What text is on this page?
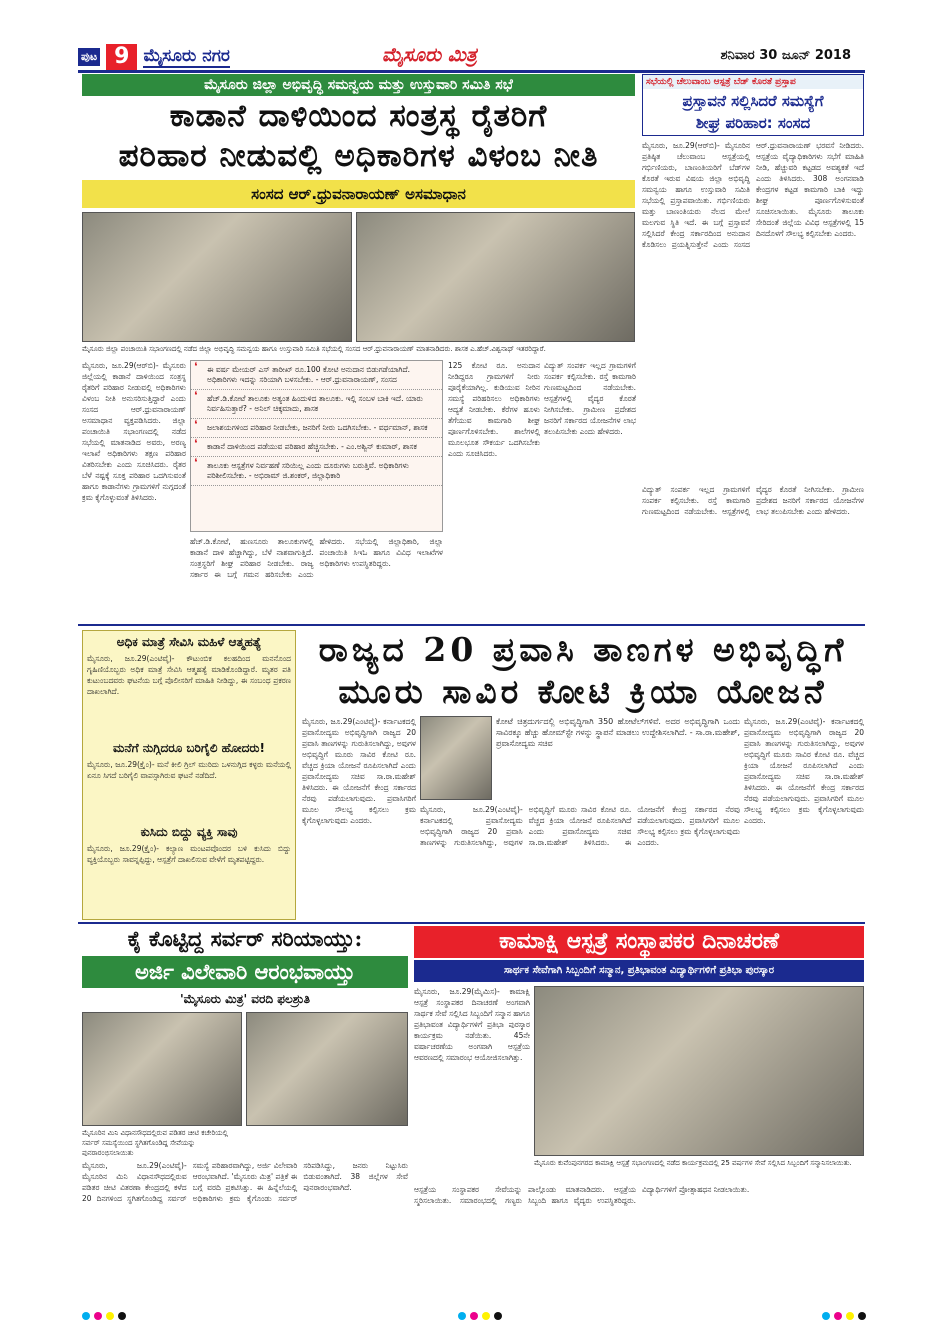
ಪುಟ 9 ಮೈಸೂರು ನಗರ	ಮೈಸೂರು ಮಿತ್ರ	ಶನಿವಾರ 30 ಜೂನ್ 2018
ಮೈಸೂರು ಜಿಲ್ಲಾ ಅಭಿವೃದ್ಧಿ ಸಮನ್ವಯ ಮತ್ತು ಉಸ್ತುವಾರಿ ಸಮಿತಿ ಸಭೆ
ಕಾಡಾನೆ ದಾಳಿಯಿಂದ ಸಂತ್ರಸ್ಥ ರೈತರಿಗೆ
ಪರಿಹಾರ ನೀಡುವಲ್ಲಿ ಅಧಿಕಾರಿಗಳ ವಿಳಂಬ ನೀತಿ
ಸಂಸದ ಆರ್.ಧ್ರುವನಾರಾಯಣ್ ಅಸಮಾಧಾನ
ಮೈಸೂರು ಜಿಲ್ಲಾ ಪಂಚಾಯಿತಿ ಸಭಾಂಗಣದಲ್ಲಿ ನಡೆದ ಜಿಲ್ಲಾ ಅಭಿವೃದ್ಧಿ ಸಮನ್ವಯ ಹಾಗೂ ಉಸ್ತುವಾರಿ ಸಮಿತಿ ಸಭೆಯಲ್ಲಿ ಸಂಸದ ಆರ್.ಧ್ರುವನಾರಾಯಣ್ ಮಾತನಾಡಿದರು. ಶಾಸಕ ಎ.ಹೆಚ್.ವಿಶ್ವನಾಥ್ ಇತರರಿದ್ದಾರೆ.
ಮೈಸೂರು, ಜೂ.29(ಆರ್‌ಬಿ)- ಮೈಸೂರು ಜಿಲ್ಲೆಯಲ್ಲಿ ಕಾಡಾನೆ ದಾಳಿಯಿಂದ ಸಂತ್ರಸ್ಥ ರೈತರಿಗೆ ಪರಿಹಾರ ನೀಡುವಲ್ಲಿ ಅಧಿಕಾರಿಗಳು ವಿಳಂಬ ನೀತಿ ಅನುಸರಿಸುತ್ತಿದ್ದಾರೆ ಎಂದು ಸಂಸದ ಆರ್.ಧ್ರುವನಾರಾಯಣ್ ಅಸಮಾಧಾನ ವ್ಯಕ್ತಪಡಿಸಿದರು. ಜಿಲ್ಲಾ ಪಂಚಾಯಿತಿ ಸಭಾಂಗಣದಲ್ಲಿ ನಡೆದ ಸಭೆಯಲ್ಲಿ ಮಾತನಾಡಿದ ಅವರು, ಅರಣ್ಯ ಇಲಾಖೆ ಅಧಿಕಾರಿಗಳು ತಕ್ಷಣ ಪರಿಹಾರ ವಿತರಿಸಬೇಕು ಎಂದು ಸೂಚಿಸಿದರು. ರೈತರ ಬೆಳೆ ನಷ್ಟಕ್ಕೆ ಸೂಕ್ತ ಪರಿಹಾರ ಒದಗಿಸುವಂತೆ ಹಾಗೂ ಕಾಡಾನೆಗಳು ಗ್ರಾಮಗಳಿಗೆ ನುಗ್ಗದಂತೆ ಕ್ರಮ ಕೈಗೊಳ್ಳುವಂತೆ ತಿಳಿಸಿದರು.
❛ ಈ ವರ್ಷ ಮೇಯರ್ ಎಸ್ ತಾರೀಖ್ ರೂ.100 ಕೋಟಿ ಅನುದಾನ ಬಿಡುಗಡೆಯಾಗಿದೆ. ಅಧಿಕಾರಿಗಳು ಇದನ್ನು ಸರಿಯಾಗಿ ಬಳಸಬೇಕು. - ಆರ್.ಧ್ರುವನಾರಾಯಣ್, ಸಂಸದ
❛ ಹೆಚ್.ಡಿ.ಕೋಟೆ ತಾಲೂಕು ಅತ್ಯಂತ ಹಿಂದುಳಿದ ತಾಲೂಕು. ಇಲ್ಲಿ ಸಂಬಳ ಬಾಕಿ ಇದೆ. ಯಾರು ನಿರ್ವಹಿಸುತ್ತಾರೆ? - ಅನಿಲ್ ಚಿಕ್ಕಮಾದು, ಶಾಸಕ
❛ ಜಲಾಶಯಗಳಿಂದ ಪರಿಹಾರ ನೀಡಬೇಕು, ಜನರಿಗೆ ನೀರು ಒದಗಿಸಬೇಕು. - ವರ್ಧಮಾನ್, ಶಾಸಕ
❛ ಕಾಡಾನೆ ದಾಳಿಯಿಂದ ಪಡೆಯುವ ಪರಿಹಾರ ಹೆಚ್ಚಿಸಬೇಕು. - ಎಂ.ಅಶ್ವಿನ್ ಕುಮಾರ್, ಶಾಸಕ
❛ ತಾಲೂಕು ಆಸ್ಪತ್ರೆಗಳ ನಿರ್ವಹಣೆ ಸರಿಯಿಲ್ಲ ಎಂದು ದೂರುಗಳು ಬರುತ್ತಿವೆ. ಅಧಿಕಾರಿಗಳು ಪರಿಶೀಲಿಸಬೇಕು. - ಅಭಿರಾಮ್ ಜಿ.ಶಂಕರ್, ಜಿಲ್ಲಾಧಿಕಾರಿ
ಹೆಚ್.ಡಿ.ಕೋಟೆ, ಹುಣಸೂರು ತಾಲೂಕುಗಳಲ್ಲಿ ಕಾಡಾನೆ ದಾಳಿ ಹೆಚ್ಚಾಗಿದ್ದು, ಬೆಳೆ ನಾಶವಾಗುತ್ತಿದೆ. ಸಂತ್ರಸ್ಥರಿಗೆ ಶೀಘ್ರ ಪರಿಹಾರ ನೀಡಬೇಕು. ರಾಜ್ಯ ಸರ್ಕಾರ ಈ ಬಗ್ಗೆ ಗಮನ ಹರಿಸಬೇಕು ಎಂದು ಹೇಳಿದರು. ಸಭೆಯಲ್ಲಿ ಜಿಲ್ಲಾಧಿಕಾರಿ, ಜಿಲ್ಲಾ ಪಂಚಾಯಿತಿ ಸಿಇಓ ಹಾಗೂ ವಿವಿಧ ಇಲಾಖೆಗಳ ಅಧಿಕಾರಿಗಳು ಉಪಸ್ಥಿತರಿದ್ದರು.
125 ಕೋಟಿ ರೂ. ಅನುದಾನ ನೀಡಿದ್ದರೂ ಗ್ರಾಮಗಳಿಗೆ ನೀರು ಪೂರೈಕೆಯಾಗಿಲ್ಲ. ಕುಡಿಯುವ ನೀರಿನ ಸಮಸ್ಯೆ ಪರಿಹರಿಸಲು ಅಧಿಕಾರಿಗಳು ಆದ್ಯತೆ ನೀಡಬೇಕು. ಕೆರೆಗಳ ಹೂಳು ತೆಗೆಯುವ ಕಾಮಗಾರಿ ಶೀಘ್ರ ಪೂರ್ಣಗೊಳಿಸಬೇಕು. ಶಾಲೆಗಳಲ್ಲಿ ಮೂಲಭೂತ ಸೌಕರ್ಯ ಒದಗಿಸಬೇಕು ಎಂದು ಸೂಚಿಸಿದರು.
ವಿದ್ಯುತ್ ಸಂಪರ್ಕ ಇಲ್ಲದ ಗ್ರಾಮಗಳಿಗೆ ಸಂಪರ್ಕ ಕಲ್ಪಿಸಬೇಕು. ರಸ್ತೆ ಕಾಮಗಾರಿ ಗುಣಮಟ್ಟದಿಂದ ನಡೆಯಬೇಕು. ಆಸ್ಪತ್ರೆಗಳಲ್ಲಿ ವೈದ್ಯರ ಕೊರತೆ ನೀಗಿಸಬೇಕು. ಗ್ರಾಮೀಣ ಪ್ರದೇಶದ ಜನರಿಗೆ ಸರ್ಕಾರದ ಯೋಜನೆಗಳ ಲಾಭ ತಲುಪಿಸಬೇಕು ಎಂದು ಹೇಳಿದರು.
ಸಭೆಯಲ್ಲಿ ಚೆಲುವಾಂಬ ಆಸ್ಪತ್ರೆ ಬೆಡ್ ಕೊರತೆ ಪ್ರಸ್ತಾಪ
ಪ್ರಸ್ತಾವನೆ ಸಲ್ಲಿಸಿದರೆ ಸಮಸ್ಯೆಗೆ
ಶೀಘ್ರ ಪರಿಹಾರ: ಸಂಸದ
ಮೈಸೂರು, ಜೂ.29(ಆರ್‌ಬಿ)- ಮೈಸೂರಿನ ಪ್ರತಿಷ್ಠಿತ ಚೆಲುವಾಂಬ ಆಸ್ಪತ್ರೆಯಲ್ಲಿ ಗರ್ಭಿಣಿಯರು, ಬಾಣಂತಿಯರಿಗೆ ಬೆಡ್‌ಗಳ ಕೊರತೆ ಇರುವ ವಿಷಯ ಜಿಲ್ಲಾ ಅಭಿವೃದ್ಧಿ ಸಮನ್ವಯ ಹಾಗೂ ಉಸ್ತುವಾರಿ ಸಮಿತಿ ಸಭೆಯಲ್ಲಿ ಪ್ರಸ್ತಾಪವಾಯಿತು. ಗರ್ಭಿಣಿಯರು ಮತ್ತು ಬಾಣಂತಿಯರು ನೆಲದ ಮೇಲೆ ಮಲಗುವ ಸ್ಥಿತಿ ಇದೆ. ಈ ಬಗ್ಗೆ ಪ್ರಸ್ತಾವನೆ ಸಲ್ಲಿಸಿದರೆ ಕೇಂದ್ರ ಸರ್ಕಾರದಿಂದ ಅನುದಾನ ಕೊಡಿಸಲು ಪ್ರಯತ್ನಿಸುತ್ತೇನೆ ಎಂದು ಸಂಸದ ಆರ್.ಧ್ರುವನಾರಾಯಣ್ ಭರವಸೆ ನೀಡಿದರು. ಆಸ್ಪತ್ರೆಯ ವೈದ್ಯಾಧಿಕಾರಿಗಳು ಸಭೆಗೆ ಮಾಹಿತಿ ನೀಡಿ, ಹೆಚ್ಚುವರಿ ಕಟ್ಟಡದ ಅವಶ್ಯಕತೆ ಇದೆ ಎಂದು ತಿಳಿಸಿದರು. 308 ಅಂಗನವಾಡಿ ಕೇಂದ್ರಗಳ ಕಟ್ಟಡ ಕಾಮಗಾರಿ ಬಾಕಿ ಇದ್ದು ಶೀಘ್ರ ಪೂರ್ಣಗೊಳಿಸುವಂತೆ ಸೂಚಿಸಲಾಯಿತು. ಮೈಸೂರು ತಾಲೂಕು ಸೇರಿದಂತೆ ಜಿಲ್ಲೆಯ ವಿವಿಧ ಆಸ್ಪತ್ರೆಗಳಲ್ಲಿ 15 ದಿನದೊಳಗೆ ಸೌಲಭ್ಯ ಕಲ್ಪಿಸಬೇಕು ಎಂದರು.
ವಿದ್ಯುತ್ ಸಂಪರ್ಕ ಇಲ್ಲದ ಗ್ರಾಮಗಳಿಗೆ ಸಂಪರ್ಕ ಕಲ್ಪಿಸಬೇಕು. ರಸ್ತೆ ಕಾಮಗಾರಿ ಗುಣಮಟ್ಟದಿಂದ ನಡೆಯಬೇಕು. ಆಸ್ಪತ್ರೆಗಳಲ್ಲಿ ವೈದ್ಯರ ಕೊರತೆ ನೀಗಿಸಬೇಕು. ಗ್ರಾಮೀಣ ಪ್ರದೇಶದ ಜನರಿಗೆ ಸರ್ಕಾರದ ಯೋಜನೆಗಳ ಲಾಭ ತಲುಪಿಸಬೇಕು ಎಂದು ಹೇಳಿದರು.
ಅಧಿಕ ಮಾತ್ರೆ ಸೇವಿಸಿ ಮಹಿಳೆ ಆತ್ಮಹತ್ಯೆ
ಮೈಸೂರು, ಜೂ.29(ಎಂಟಿವೈ)- ಕೌಟುಂಬಿಕ ಕಲಹದಿಂದ ಮನನೊಂದ ಗೃಹಿಣಿಯೊಬ್ಬರು ಅಧಿಕ ಮಾತ್ರೆ ಸೇವಿಸಿ ಆತ್ಮಹತ್ಯೆ ಮಾಡಿಕೊಂಡಿದ್ದಾರೆ. ಮೃತರ ಪತಿ ಕುಟುಂಬದವರು ಘಟನೆಯ ಬಗ್ಗೆ ಪೊಲೀಸರಿಗೆ ಮಾಹಿತಿ ನೀಡಿದ್ದು, ಈ ಸಂಬಂಧ ಪ್ರಕರಣ ದಾಖಲಾಗಿದೆ.
ಮನೆಗೆ ನುಗ್ಗಿದರೂ ಬರಿಗೈಲಿ ಹೋದರು!
ಮೈಸೂರು, ಜೂ.29(ಕ್ರೈಂ)- ಮನೆ ಕೀಲಿ ಗ್ರಿಲ್ ಮುರಿದು ಒಳನುಗ್ಗಿದ ಕಳ್ಳರು ಮನೆಯಲ್ಲಿ ಏನೂ ಸಿಗದೆ ಬರಿಗೈಲಿ ವಾಪಸ್ಸಾಗಿರುವ ಘಟನೆ ನಡೆದಿದೆ.
ಕುಸಿದು ಬಿದ್ದು ವ್ಯಕ್ತಿ ಸಾವು
ಮೈಸೂರು, ಜೂ.29(ಕ್ರೈಂ)- ಕಲ್ಯಾಣ ಮಂಟಪವೊಂದರ ಬಳಿ ಕುಸಿದು ಬಿದ್ದು ವ್ಯಕ್ತಿಯೊಬ್ಬರು ಸಾವನ್ನಪ್ಪಿದ್ದು, ಆಸ್ಪತ್ರೆಗೆ ದಾಖಲಿಸುವ ವೇಳೆಗೆ ಮೃತಪಟ್ಟಿದ್ದರು.
ರಾಜ್ಯದ 20 ಪ್ರವಾಸಿ ತಾಣಗಳ ಅಭಿವೃದ್ಧಿಗೆ
ಮೂರು ಸಾವಿರ ಕೋಟಿ ಕ್ರಿಯಾ ಯೋಜನೆ
ಕೋಟೆ ಚಿತ್ರದುರ್ಗದಲ್ಲಿ ಅಭಿವೃದ್ಧಿಗಾಗಿ 350 ಹೋಟೆಲ್‌ಗಳಿವೆ. ಅದರ ಅಭಿವೃದ್ಧಿಗಾಗಿ ಒಂದು ಸಾವಿರಕ್ಕೂ ಹೆಚ್ಚು ಹೋಮ್‌ಸ್ಟೇ ಗಳನ್ನು ಸ್ಥಾಪನೆ ಮಾಡಲು ಉದ್ದೇಶಿಸಲಾಗಿದೆ. - ಸಾ.ರಾ.ಮಹೇಶ್, ಪ್ರವಾಸೋದ್ಯಮ ಸಚಿವ
ಮೈಸೂರು, ಜೂ.29(ಎಂಟಿವೈ)- ಕರ್ನಾಟಕದಲ್ಲಿ ಪ್ರವಾಸೋದ್ಯಮ ಅಭಿವೃದ್ಧಿಗಾಗಿ ರಾಜ್ಯದ 20 ಪ್ರವಾಸಿ ತಾಣಗಳನ್ನು ಗುರುತಿಸಲಾಗಿದ್ದು, ಅವುಗಳ ಅಭಿವೃದ್ಧಿಗೆ ಮೂರು ಸಾವಿರ ಕೋಟಿ ರೂ. ವೆಚ್ಚದ ಕ್ರಿಯಾ ಯೋಜನೆ ರೂಪಿಸಲಾಗಿದೆ ಎಂದು ಪ್ರವಾಸೋದ್ಯಮ ಸಚಿವ ಸಾ.ರಾ.ಮಹೇಶ್ ತಿಳಿಸಿದರು. ಈ ಯೋಜನೆಗೆ ಕೇಂದ್ರ ಸರ್ಕಾರದ ನೆರವು ಪಡೆಯಲಾಗುವುದು. ಪ್ರವಾಸಿಗರಿಗೆ ಮೂಲ ಸೌಲಭ್ಯ ಕಲ್ಪಿಸಲು ಕ್ರಮ ಕೈಗೊಳ್ಳಲಾಗುವುದು ಎಂದರು.
ಮೈಸೂರು, ಜೂ.29(ಎಂಟಿವೈ)- ಕರ್ನಾಟಕದಲ್ಲಿ ಪ್ರವಾಸೋದ್ಯಮ ಅಭಿವೃದ್ಧಿಗಾಗಿ ರಾಜ್ಯದ 20 ಪ್ರವಾಸಿ ತಾಣಗಳನ್ನು ಗುರುತಿಸಲಾಗಿದ್ದು, ಅವುಗಳ ಅಭಿವೃದ್ಧಿಗೆ ಮೂರು ಸಾವಿರ ಕೋಟಿ ರೂ. ವೆಚ್ಚದ ಕ್ರಿಯಾ ಯೋಜನೆ ರೂಪಿಸಲಾಗಿದೆ ಎಂದು ಪ್ರವಾಸೋದ್ಯಮ ಸಚಿವ ಸಾ.ರಾ.ಮಹೇಶ್ ತಿಳಿಸಿದರು. ಈ ಯೋಜನೆಗೆ ಕೇಂದ್ರ ಸರ್ಕಾರದ ನೆರವು ಪಡೆಯಲಾಗುವುದು. ಪ್ರವಾಸಿಗರಿಗೆ ಮೂಲ ಸೌಲಭ್ಯ ಕಲ್ಪಿಸಲು ಕ್ರಮ ಕೈಗೊಳ್ಳಲಾಗುವುದು ಎಂದರು.
ಮೈಸೂರು, ಜೂ.29(ಎಂಟಿವೈ)- ಕರ್ನಾಟಕದಲ್ಲಿ ಪ್ರವಾಸೋದ್ಯಮ ಅಭಿವೃದ್ಧಿಗಾಗಿ ರಾಜ್ಯದ 20 ಪ್ರವಾಸಿ ತಾಣಗಳನ್ನು ಗುರುತಿಸಲಾಗಿದ್ದು, ಅವುಗಳ ಅಭಿವೃದ್ಧಿಗೆ ಮೂರು ಸಾವಿರ ಕೋಟಿ ರೂ. ವೆಚ್ಚದ ಕ್ರಿಯಾ ಯೋಜನೆ ರೂಪಿಸಲಾಗಿದೆ ಎಂದು ಪ್ರವಾಸೋದ್ಯಮ ಸಚಿವ ಸಾ.ರಾ.ಮಹೇಶ್ ತಿಳಿಸಿದರು. ಈ ಯೋಜನೆಗೆ ಕೇಂದ್ರ ಸರ್ಕಾರದ ನೆರವು ಪಡೆಯಲಾಗುವುದು. ಪ್ರವಾಸಿಗರಿಗೆ ಮೂಲ ಸೌಲಭ್ಯ ಕಲ್ಪಿಸಲು ಕ್ರಮ ಕೈಗೊಳ್ಳಲಾಗುವುದು ಎಂದರು.
ಕೈ ಕೊಟ್ಟಿದ್ದ ಸರ್ವರ್ ಸರಿಯಾಯ್ತು:
ಅರ್ಜಿ ವಿಲೇವಾರಿ ಆರಂಭವಾಯ್ತು
'ಮೈಸೂರು ಮಿತ್ರ' ವರದಿ ಫಲಶ್ರುತಿ
ಮೈಸೂರಿನ ಮಿನಿ ವಿಧಾನಸೌಧದಲ್ಲಿರುವ ಪಡಿತರ ಚೀಟಿ ಕಚೇರಿಯಲ್ಲಿ ಸರ್ವರ್ ಸಮಸ್ಯೆಯಿಂದ ಸ್ಥಗಿತಗೊಂಡಿದ್ದ ಸೇವೆಯನ್ನು ಪುನರಾರಂಭಿಸಲಾಯಿತು
ಮೈಸೂರು, ಜೂ.29(ಎಂಟಿವೈ)- ಮೈಸೂರಿನ ಮಿನಿ ವಿಧಾನಸೌಧದಲ್ಲಿರುವ ಪಡಿತರ ಚೀಟಿ ವಿತರಣಾ ಕೇಂದ್ರದಲ್ಲಿ ಕಳೆದ 20 ದಿನಗಳಿಂದ ಸ್ಥಗಿತಗೊಂಡಿದ್ದ ಸರ್ವರ್ ಸಮಸ್ಯೆ ಪರಿಹಾರವಾಗಿದ್ದು, ಅರ್ಜಿ ವಿಲೇವಾರಿ ಆರಂಭವಾಗಿದೆ. 'ಮೈಸೂರು ಮಿತ್ರ' ಪತ್ರಿಕೆ ಈ ಬಗ್ಗೆ ವರದಿ ಪ್ರಕಟಿಸಿತ್ತು. ಈ ಹಿನ್ನೆಲೆಯಲ್ಲಿ ಅಧಿಕಾರಿಗಳು ಕ್ರಮ ಕೈಗೊಂಡು ಸರ್ವರ್ ಸರಿಪಡಿಸಿದ್ದು, ಜನರು ನಿಟ್ಟುಸಿರು ಬಿಡುವಂತಾಗಿದೆ. 38 ಜಿಲ್ಲೆಗಳ ಸೇವೆ ಪುನರಾರಂಭವಾಗಿದೆ.
ಕಾಮಾಕ್ಷಿ ಆಸ್ಪತ್ರೆ ಸಂಸ್ಥಾಪಕರ ದಿನಾಚರಣೆ
ಸಾರ್ಥಕ ಸೇವೆಗಾಗಿ ಸಿಬ್ಬಂದಿಗೆ ಸನ್ಮಾನ, ಪ್ರತಿಭಾವಂತ ವಿದ್ಯಾರ್ಥಿಗಳಿಗೆ ಪ್ರತಿಭಾ ಪುರಸ್ಕಾರ
ಮೈಸೂರು, ಜೂ.29(ಮೈಮಿಸ)- ಕಾಮಾಕ್ಷಿ ಆಸ್ಪತ್ರೆ ಸಂಸ್ಥಾಪಕರ ದಿನಾಚರಣೆ ಅಂಗವಾಗಿ ಸಾರ್ಥಕ ಸೇವೆ ಸಲ್ಲಿಸಿದ ಸಿಬ್ಬಂದಿಗೆ ಸನ್ಮಾನ ಹಾಗೂ ಪ್ರತಿಭಾವಂತ ವಿದ್ಯಾರ್ಥಿಗಳಿಗೆ ಪ್ರತಿಭಾ ಪುರಸ್ಕಾರ ಕಾರ್ಯಕ್ರಮ ನಡೆಯಿತು. 45ನೇ ವರ್ಷಾಚರಣೆಯ ಅಂಗವಾಗಿ ಆಸ್ಪತ್ರೆಯ ಆವರಣದಲ್ಲಿ ಸಮಾರಂಭ ಆಯೋಜಿಸಲಾಗಿತ್ತು.
ಮೈಸೂರು ಕುವೆಂಪುನಗರದ ಕಾಮಾಕ್ಷಿ ಆಸ್ಪತ್ರೆ ಸಭಾಂಗಣದಲ್ಲಿ ನಡೆದ ಕಾರ್ಯಕ್ರಮದಲ್ಲಿ 25 ವರ್ಷಗಳ ಸೇವೆ ಸಲ್ಲಿಸಿದ ಸಿಬ್ಬಂದಿಗೆ ಸನ್ಮಾನಿಸಲಾಯಿತು.
ಆಸ್ಪತ್ರೆಯ ಸಂಸ್ಥಾಪಕರ ಸೇವೆಯನ್ನು ಸ್ಮರಿಸಲಾಯಿತು. ಸಮಾರಂಭದಲ್ಲಿ ಗಣ್ಯರು ಪಾಲ್ಗೊಂಡು ಮಾತನಾಡಿದರು. ಆಸ್ಪತ್ರೆಯ ಸಿಬ್ಬಂದಿ ಹಾಗೂ ವೈದ್ಯರು ಉಪಸ್ಥಿತರಿದ್ದರು. ವಿದ್ಯಾರ್ಥಿಗಳಿಗೆ ಪ್ರೋತ್ಸಾಹಧನ ನೀಡಲಾಯಿತು.
